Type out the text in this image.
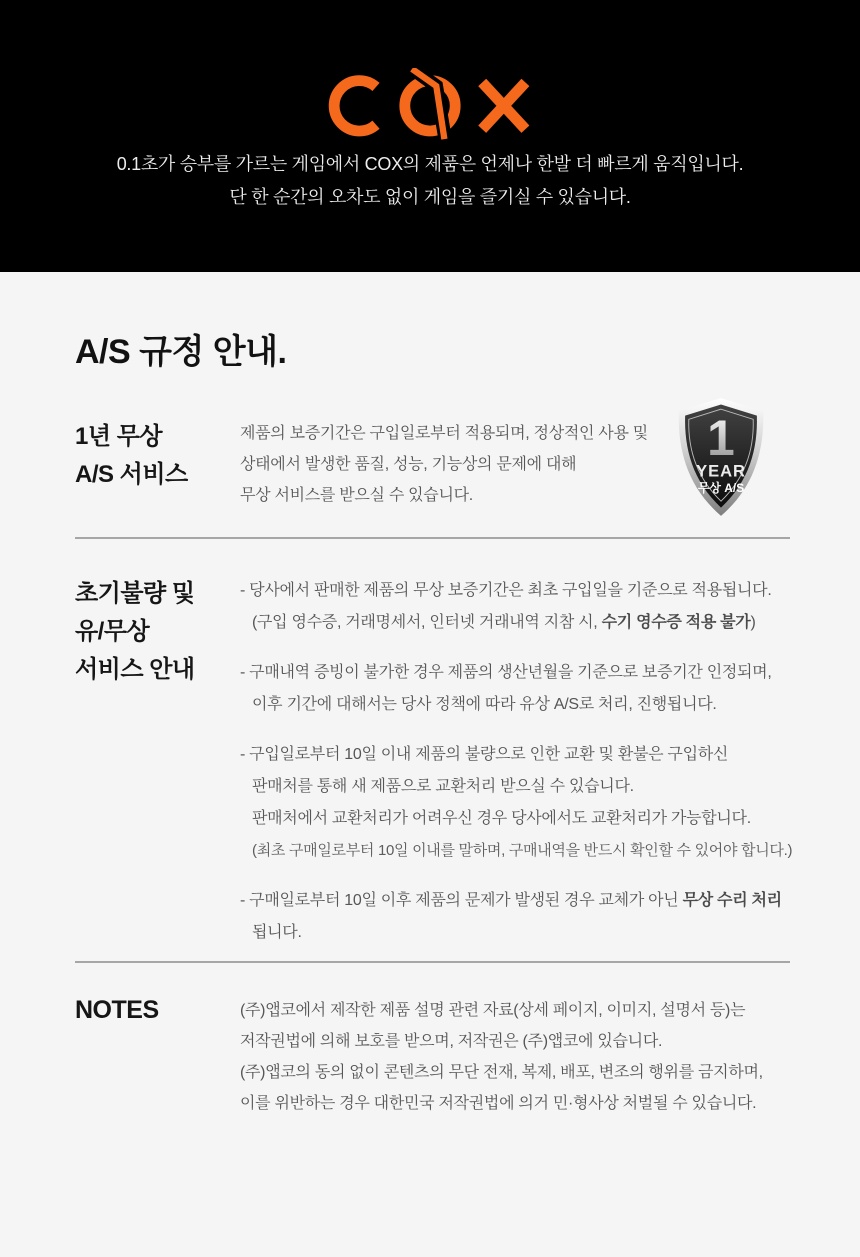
0.1초가 승부를 가르는 게임에서 COX의 제품은 언제나 한발 더 빠르게 움직입니다.
단 한 순간의 오차도 없이 게임을 즐기실 수 있습니다.

A/S 규정 안내.
1년 무상
A/S 서비스

제품의 보증기간은 구입일로부터 적용되며, 정상적인 사용 및
상태에서 발생한 품질, 성능, 기능상의 문제에 대해
무상 서비스를 받으실 수 있습니다.

1
YEAR
무상 A/S
초기불량 및
유/무상
서비스 안내

- 당사에서 판매한 제품의 무상 보증기간은 최초 구입일을 기준으로 적용됩니다.
(구입 영수증, 거래명세서, 인터넷 거래내역 지참 시, 수기 영수증 적용 불가)

- 구매내역 증빙이 불가한 경우 제품의 생산년월을 기준으로 보증기간 인정되며,
이후 기간에 대해서는 당사 정책에 따라 유상 A/S로 처리, 진행됩니다.

- 구입일로부터 10일 이내 제품의 불량으로 인한 교환 및 환불은 구입하신
판매처를 통해 새 제품으로 교환처리 받으실 수 있습니다.
판매처에서 교환처리가 어려우신 경우 당사에서도 교환처리가 가능합니다.
(최초 구매일로부터 10일 이내를 말하며, 구매내역을 반드시 확인할 수 있어야 합니다.)

- 구매일로부터 10일 이후 제품의 문제가 발생된 경우 교체가 아닌 무상 수리 처리됩니다.

NOTES	(주)앱코에서 제작한 제품 설명 관련 자료(상세 페이지, 이미지, 설명서 등)는
저작권법에 의해 보호를 받으며, 저작권은 (주)앱코에 있습니다.
(주)앱코의 동의 없이 콘텐츠의 무단 전재, 복제, 배포, 변조의 행위를 금지하며,
이를 위반하는 경우 대한민국 저작권법에 의거 민·형사상 처벌될 수 있습니다.
